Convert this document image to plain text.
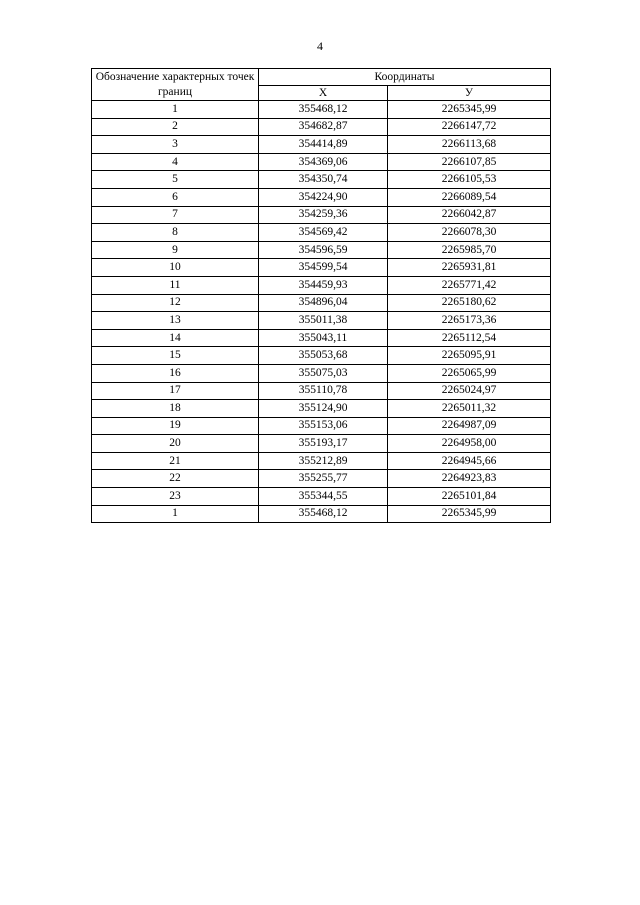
4
Обозначение характерных точек границ	Координаты	
	X	У
1	355468,12	2265345,99
2	354682,87	2266147,72
3	354414,89	2266113,68
4	354369,06	2266107,85
5	354350,74	2266105,53
6	354224,90	2266089,54
7	354259,36	2266042,87
8	354569,42	2266078,30
9	354596,59	2265985,70
10	354599,54	2265931,81
11	354459,93	2265771,42
12	354896,04	2265180,62
13	355011,38	2265173,36
14	355043,11	2265112,54
15	355053,68	2265095,91
16	355075,03	2265065,99
17	355110,78	2265024,97
18	355124,90	2265011,32
19	355153,06	2264987,09
20	355193,17	2264958,00
21	355212,89	2264945,66
22	355255,77	2264923,83
23	355344,55	2265101,84
1	355468,12	2265345,99
